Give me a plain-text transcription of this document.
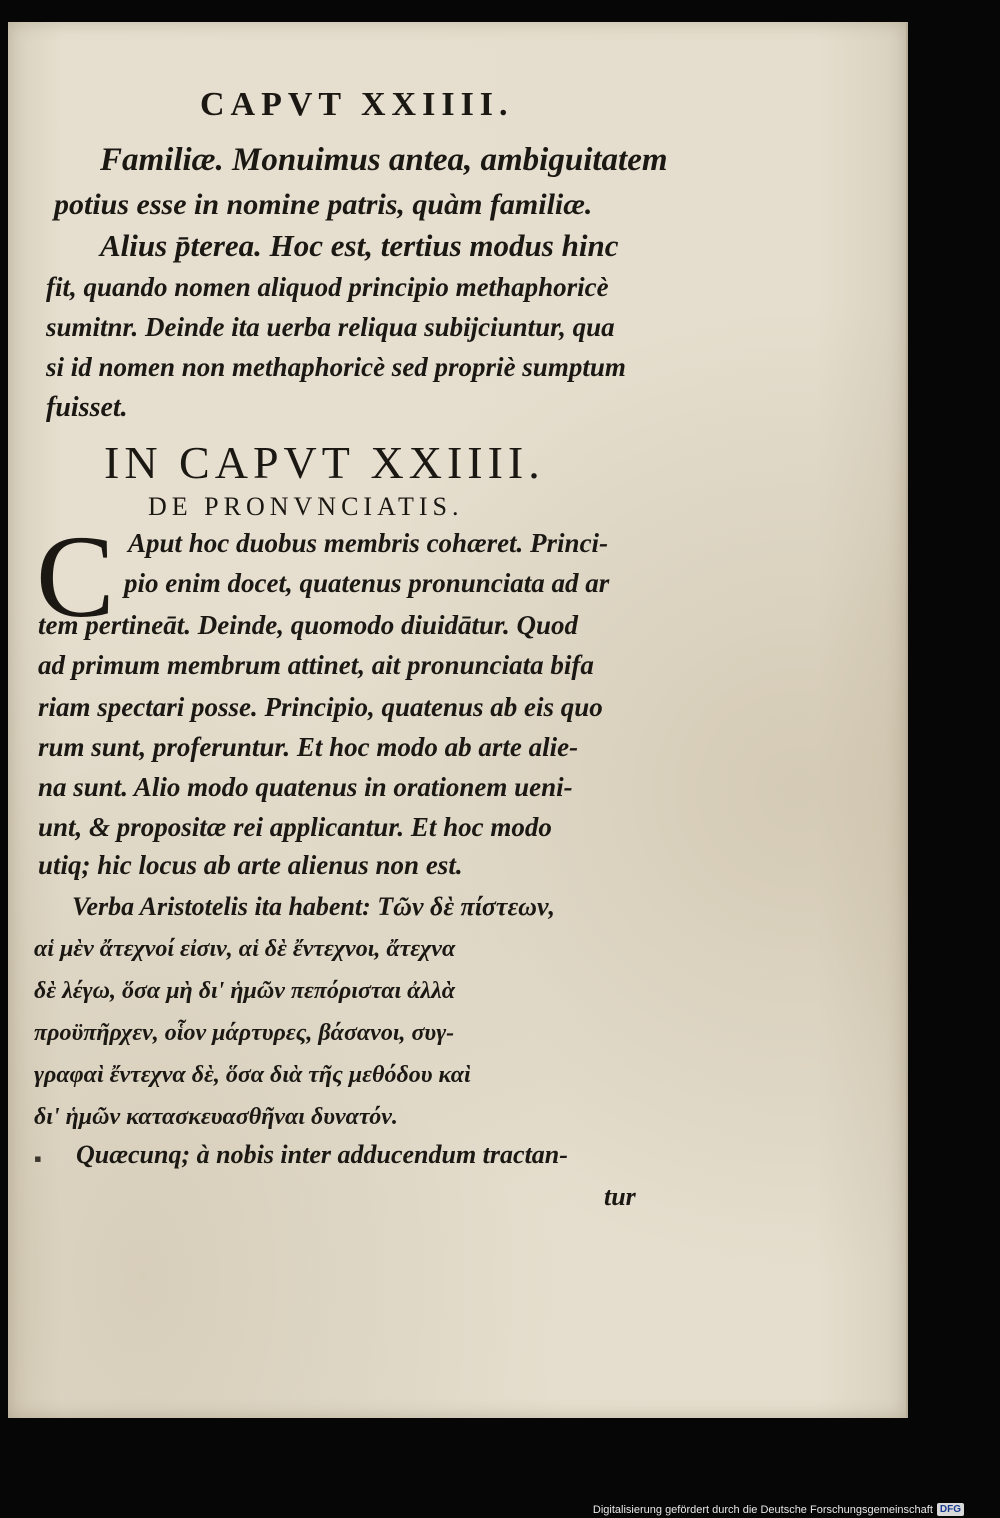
CAPVT XXIIII.
Familiæ. Monuimus antea, ambiguitatem
potius esse in nomine patris, quàm familiæ.
Alius p̄terea. Hoc est, tertius modus hinc
fit, quando nomen aliquod principio methaphoricè
sumitnr. Deinde ita uerba reliqua subijciuntur, qua
si id nomen non methaphoricè sed propriè sumptum
fuisset.
IN CAPVT XXIIII.
DE PRONVNCIATIS.
C Aput hoc duobus membris cohæret. Princi-
pio enim docet, quatenus pronunciata ad ar
tem pertineāt. Deinde, quomodo diuidātur. Quod
ad primum membrum attinet, ait pronunciata bifa
riam spectari posse. Principio, quatenus ab eis quo
rum sunt, proferuntur. Et hoc modo ab arte alie-
na sunt. Alio modo quatenus in orationem ueni-
unt, & propositæ rei applicantur. Et hoc modo
utiq; hic locus ab arte alienus non est.
Verba Aristotelis ita habent: Τῶν δὲ πίστεων,
αἱ μὲν ἄτεχνοί εἰσιν, αἱ δὲ ἔντεχνοι, ἄτεχνα
δὲ λέγω, ὅσα μὴ δι' ἡμῶν πεπόρισται ἀλλὰ
προϋπῆρχεν, οἷον μάρτυρες, βάσανοι, συγ-
γραφαὶ ἔντεχνα δὲ, ὅσα διὰ τῆς μεθόδου καὶ
δι' ἡμῶν κατασκευασθῆναι δυνατόν.
Quæcunq; à nobis inter adducendum tractan-
tur
▪
Digitalisierung gefördert durch die Deutsche Forschungsgemeinschaft DFG
